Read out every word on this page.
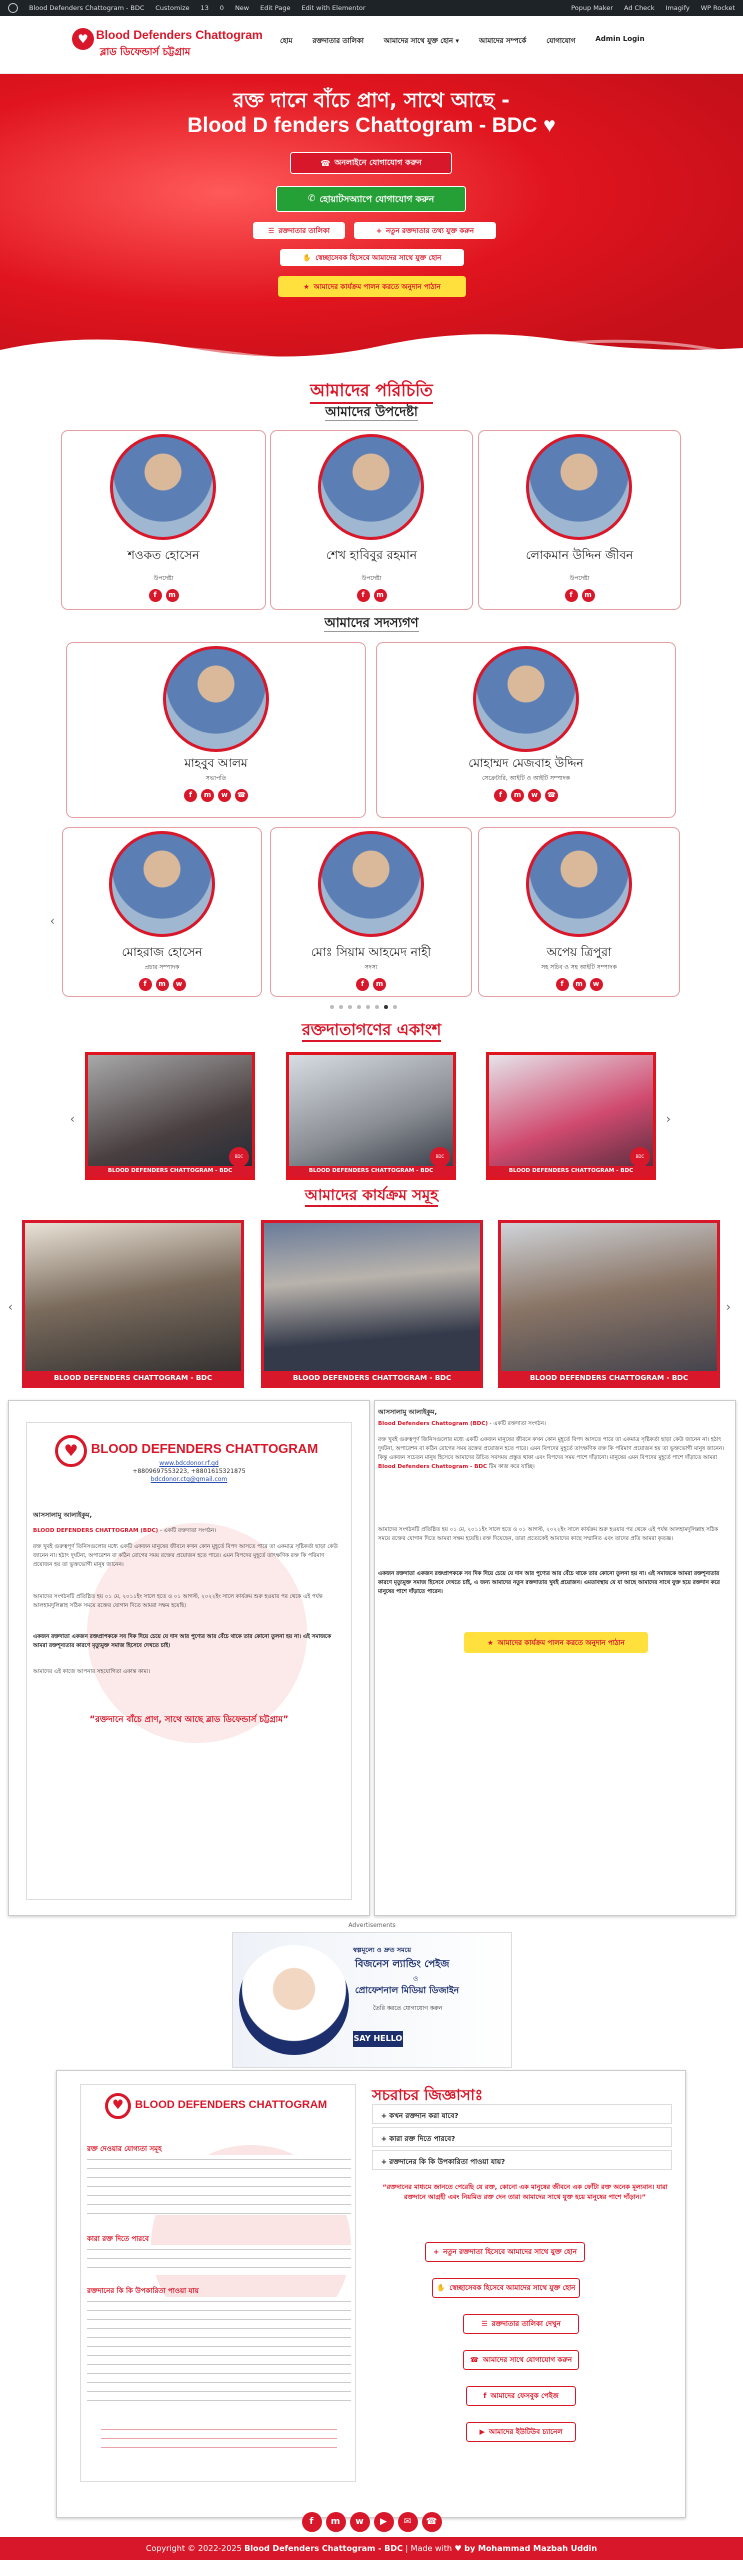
Blood Defenders Chattogram - BDC Customize 13 0 New Edit Page Edit with Elementor	Popup Maker Ad Check Imagify WP Rocket
♥ Blood Defenders Chattogram
ব্লাড ডিফেন্ডার্স চট্টগ্রাম
হোম	রক্তদাতার তালিকা	আমাদের সাথে যুক্ত হোন ▾	আমাদের সম্পর্কে	যোগাযোগ	Admin Login
রক্ত দানে বাঁচে প্রাণ, সাথে আছে -
Blood D fenders Chattogram - BDC ♥
☎ অনলাইনে যোগাযোগ করুন
✆ হোয়াটসঅ্যাপে যোগাযোগ করুন
☰ রক্তদাতার তালিকা	+ নতুন রক্তদাতার তথ্য যুক্ত করুন
✋ স্বেচ্ছাসেবক হিসেবে আমাদের সাথে যুক্ত হোন
★ আমাদের কার্যক্রম পালন করতে অনুদান পাঠান
আমাদের পরিচিতি
আমাদের উপদেষ্টা
শওকত হোসেন
উপদেষ্টা
f	m
শেখ হাবিবুর রহমান
উপদেষ্টা
f	m
লোকমান উদ্দিন জীবন
উপদেষ্টা
f	m
আমাদের সদস্যগণ
মাহবুব আলম
সভাপতি
f	m	w	☎
মোহাম্মদ মেজবাহ উদ্দিন
সেক্রেটারি, আইটি ও আইটি সম্পাদক
f	m	w	☎
‹
মোহরাজ হোসেন
প্রচার সম্পাদক
f	m	w
মোঃ সিয়াম আহমেদ নাহী
সদস্য
f	m
অপেয় ত্রিপুরা
সহ সচিব ও সহ আইটি সম্পাদক
f	m	w
রক্তদাতাগণের একাংশ
‹	›
BLOOD DEFENDERS CHATTOGRAM - BDC
BDC
BLOOD DEFENDERS CHATTOGRAM - BDC
BDC
BLOOD DEFENDERS CHATTOGRAM - BDC
BDC
আমাদের কার্যক্রম সমূহ
‹	›
BLOOD DEFENDERS CHATTOGRAM - BDC	BLOOD DEFENDERS CHATTOGRAM - BDC	BLOOD DEFENDERS CHATTOGRAM - BDC
♥ BLOOD DEFENDERS CHATTOGRAM
www.bdcdonor.rf.gd
+8809697553223, +8801615321875
bdcdonor.ctg@gmail.com
আসসালামু আলাইকুম,
BLOOD DEFENDERS CHATTOGRAM (BDC) - একটি রক্তদাতা সংগঠন।
রক্ত খুবই গুরুত্বপূর্ণ তিনিসগুলোর মধ্যে একটি একজন মানুষের জীবনে কখন কোন মুহূর্তে বিপদ আসতে পারে তা একমাত্র সৃষ্টিকর্তা ছাড়া কেউ জানেন না। হঠাৎ দুর্ঘটনা, অপারেশন বা কঠিন রোগের সময় রক্তের প্রয়োজন হতে পারে। এমন বিপদের মুহূর্তে তাৎক্ষণিক রক্ত কি পরিমাণ প্রয়োজন হয় তা ভুক্তভোগী মানুষ জানেন।
আমাদের সংগঠনটি প্রতিষ্ঠিত হয় ০১ মে, ২০১১ইং সালে হতে ও ০১ আগস্ট, ২০২২ইং সালে কার্যক্রম শুরু হওয়ার পর থেকে এই পর্যন্ত আলহামদুলিল্লাহ সঠিক সময়ে রক্তের যোগান দিতে আমরা সক্ষম হয়েছি।
একজন রক্তদাতা একজন রক্তপ্রাপককে সব দিক দিয়ে চেয়ে যে দান আর পুণ্যের আর বেঁচে থাকে তার কোনো তুলনা হয় না। এই সমাজকে আমরা রক্তশূন্যতার কারণে মৃত্যুমুক্ত সমাজ হিসেবে দেখতে চাই।
আমাদের এই কাজে আপনার সহযোগিতা একান্ত কাম্য।
“রক্তদানে বাঁচে প্রাণ, সাথে আছে ব্লাড ডিফেন্ডার্স চট্টগ্রাম”
আসসালামু আলাইকুম,
Blood Defenders Chattogram (BDC) - একটি রক্তদাতা সংগঠন।
রক্ত খুবই গুরুত্বপূর্ণ জিনিসগুলোর মধ্যে একটি একজন মানুষের জীবনে কখন কোন মুহূর্তে বিপদ আসতে পারে তা একমাত্র সৃষ্টিকর্তা ছাড়া কেউ জানেন না। হঠাৎ দুর্ঘটনা, অপারেশন বা কঠিন রোগের সময় রক্তের প্রয়োজন হতে পারে। এমন বিপদের মুহূর্তে তাৎক্ষণিক রক্ত কি পরিমাণ প্রয়োজন হয় তা ভুক্তভোগী মানুষ জানেন। কিন্তু একজন সচেতন মানুষ হিসেবে আমাদের উচিত সবসময় প্রস্তুত থাকা এবং বিপদের সময় পাশে দাঁড়ানো। মানুষের এমন বিপদের মুহূর্তে পাশে দাঁড়াতে আমরা Blood Defenders Chattogram - BDC টিম কাজ করে যাচ্ছি।
আমাদের সংগঠনটি প্রতিষ্ঠিত হয় ০১ মে, ২০১১ইং সালে হতে ও ০১ আগস্ট, ২০২২ইং সালে কার্যক্রম শুরু হওয়ার পর থেকে এই পর্যন্ত আলহামদুলিল্লাহ সঠিক সময়ে রক্তের যোগান দিতে আমরা সক্ষম হয়েছি। রক্ত দিয়েছেন, তারা প্রত্যেকেই আমাদের কাছে সম্মানিত এবং তাদের প্রতি আমরা কৃতজ্ঞ।
একজন রক্তদাতা একজন রক্তপ্রাপককে সব দিক দিয়ে চেয়ে যে দান আর পুণ্যের আর বেঁচে থাকে তার কোনো তুলনা হয় না। এই সমাজকে আমরা রক্তশূন্যতার কারণে মৃত্যুমুক্ত সমাজ হিসেবে দেখতে চাই, এ জন্য আমাদের নতুন রক্তদাতার খুবই প্রয়োজন। এমতাবস্থায় যে যা আছে আমাদের সাথে যুক্ত হয়ে রক্তদান করে মানুষের পাশে দাঁড়াতে পারেন।
★ আমাদের কার্যক্রম পালন করতে অনুদান পাঠান
Advertisements
স্বল্পমূল্যে ও দ্রুত সময়ে
বিজনেস ল্যান্ডিং পেইজ
ও
প্রোফেশনাল মিডিয়া ডিজাইন
তৈরি করতে যোগাযোগ করুন
SAY HELLO
♥	BLOOD DEFENDERS CHATTOGRAM
রক্ত দেওয়ার যোগ্যতা সমূহ
কারা রক্ত দিতে পারবে
রক্তদানের কি কি উপকারিতা পাওয়া যায়
সচরাচর জিজ্ঞাসাঃ
+ কখন রক্তদান করা যাবে?
+ কারা রক্ত দিতে পারবে?
+ রক্তদানের কি কি উপকারিতা পাওয়া যায়?
“রক্তদানের মাধ্যমে জানতে পেরেছি যে রক্ত, কোনো এক মানুষের জীবনে এক ফোঁটা রক্ত অনেক মূল্যবান। যারা রক্তদানে আগ্রহী এবং নিয়মিত রক্ত দেন তারা আমাদের সাথে যুক্ত হয়ে মানুষের পাশে দাঁড়ান।”
+ নতুন রক্তদাতা হিসেবে আমাদের সাথে যুক্ত হোন
✋ স্বেচ্ছাসেবক হিসেবে আমাদের সাথে যুক্ত হোন
☰ রক্তদাতার তালিকা দেখুন
☎ আমাদের সাথে যোগাযোগ করুন
f আমাদের ফেসবুক পেইজ
▶ আমাদের ইউটিউব চ্যানেল
f	m	w	▶	✉	☎
Copyright © 2022-2025 Blood Defenders Chattogram - BDC | Made with ♥ by Mohammad Mazbah Uddin
